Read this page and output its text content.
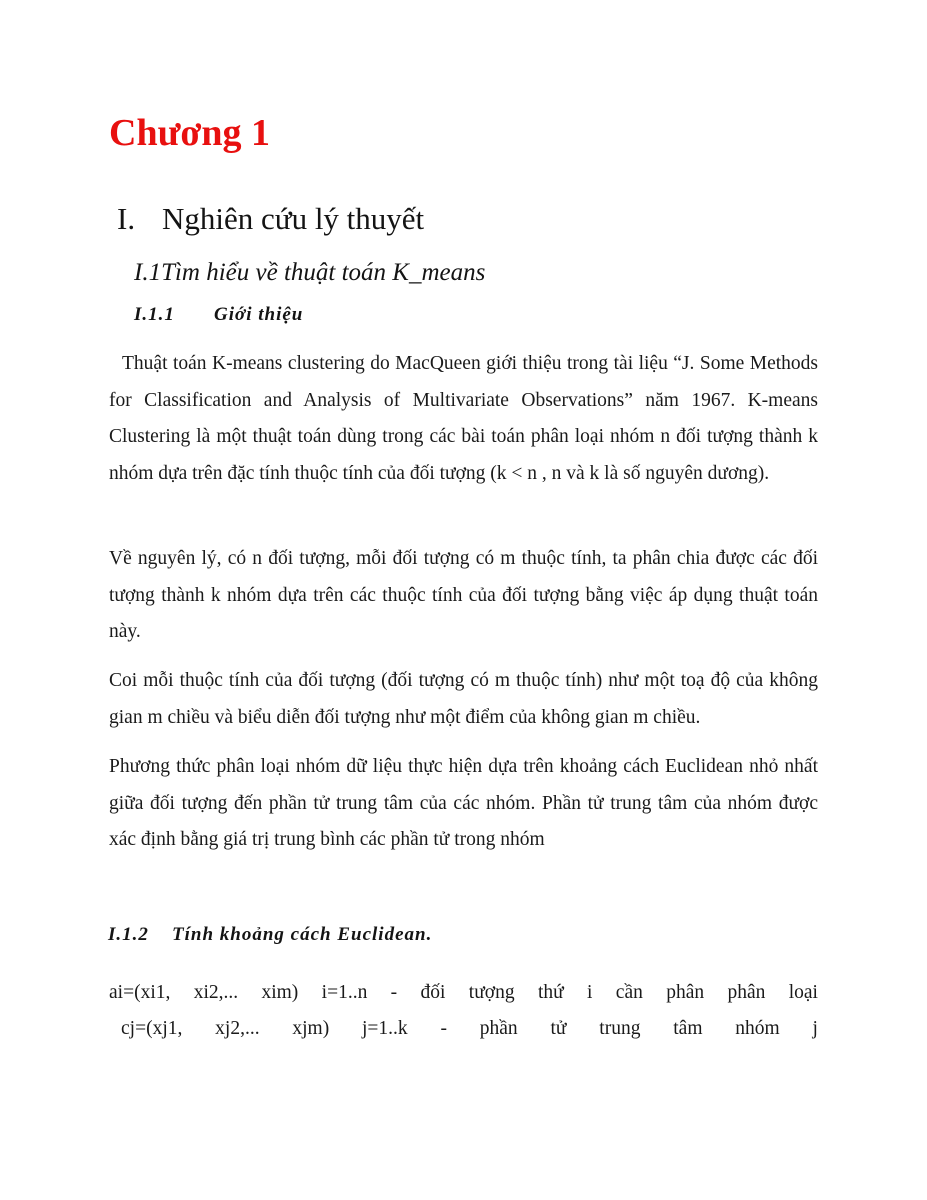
Chương 1
I. Nghiên cứu lý thuyết
I.1Tìm hiểu về thuật toán K_means
I.1.1 Giới thiệu

Thuật toán K-means clustering do MacQueen giới thiệu trong tài liệu “J. Some Methods for Classification and Analysis of Multivariate Observations” năm 1967. K-means Clustering là một thuật toán dùng trong các bài toán phân loại nhóm n đối tượng thành k nhóm dựa trên đặc tính thuộc tính của đối tượng (k < n , n và k là số nguyên dương).

Về nguyên lý, có n đối tượng, mỗi đối tượng có m thuộc tính, ta phân chia được các đối tượng thành k nhóm dựa trên các thuộc tính của đối tượng bằng việc áp dụng thuật toán này.

Coi mỗi thuộc tính của đối tượng (đối tượng có m thuộc tính) như một toạ độ của không gian m chiều và biểu diễn đối tượng như một điểm của không gian m chiều.

Phương thức phân loại nhóm dữ liệu thực hiện dựa trên khoảng cách Euclidean nhỏ nhất giữa đối tượng đến phần tử trung tâm của các nhóm. Phần tử trung tâm của nhóm được xác định bằng giá trị trung bình các phần tử trong nhóm

I.1.2 Tính khoảng cách Euclidean.
ai=(xi1, xi2,... xim) i=1..n - đối tượng thứ i cần phân phân loại
cj=(xj1, xj2,... xjm) j=1..k - phần tử trung tâm nhóm j
